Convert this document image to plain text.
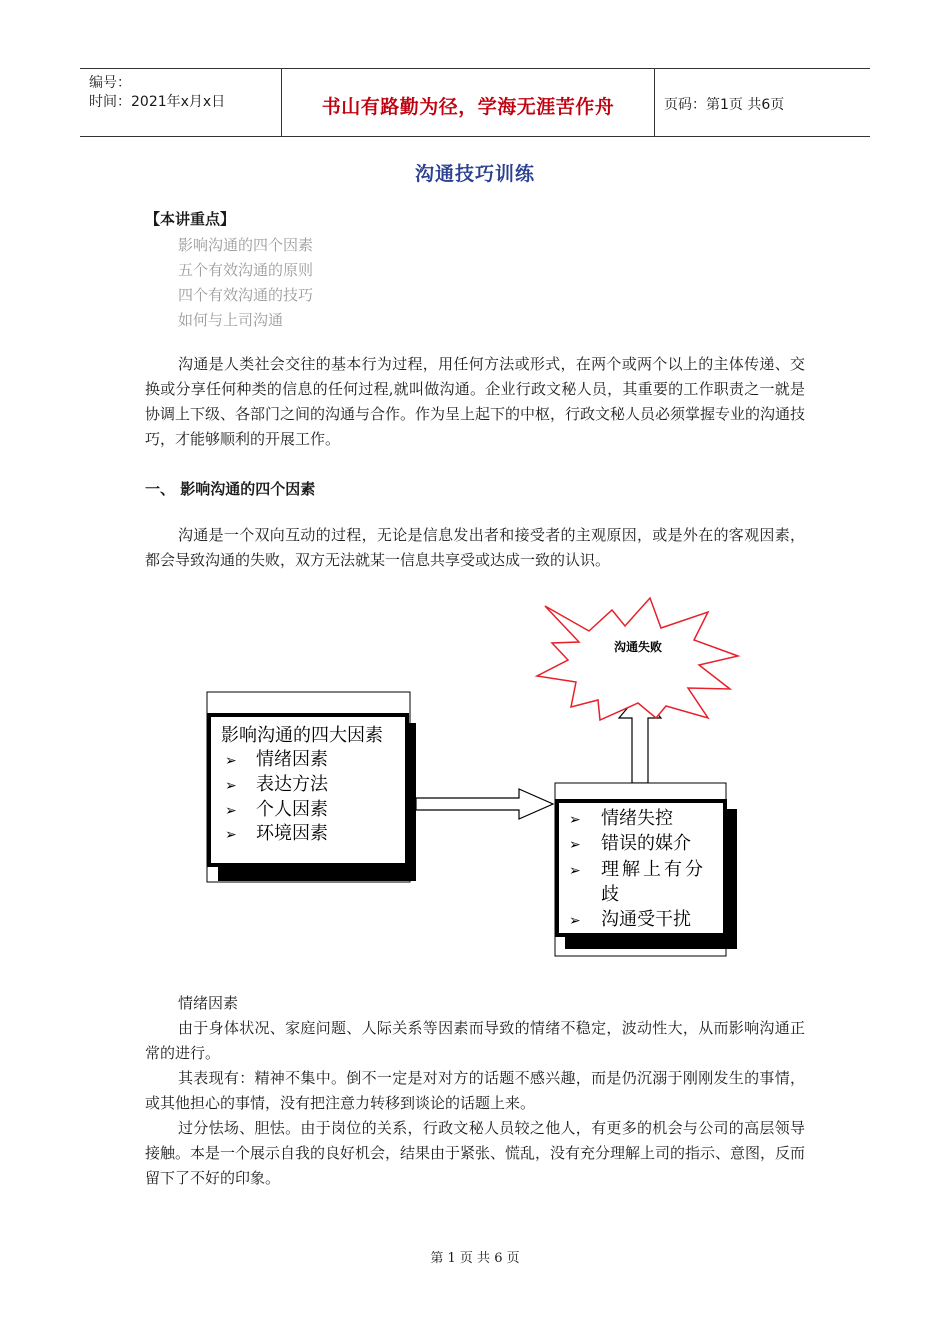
编号：
时间：2021年x月x日	书山有路勤为径，学海无涯苦作舟	页码：第1页 共6页
沟通技巧训练
【本讲重点】
影响沟通的四个因素
五个有效沟通的原则
四个有效沟通的技巧
如何与上司沟通

沟通是人类社会交往的基本行为过程，用任何方法或形式，在两个或两个以上的主体传递、交换或分享任何种类的信息的任何过程,就叫做沟通。企业行政文秘人员，其重要的工作职责之一就是协调上下级、各部门之间的沟通与合作。作为呈上起下的中枢，行政文秘人员必须掌握专业的沟通技巧，才能够顺利的开展工作。

一、 影响沟通的四个因素

沟通是一个双向互动的过程，无论是信息发出者和接受者的主观原因，或是外在的客观因素，都会导致沟通的失败，双方无法就某一信息共享受或达成一致的认识。

影响沟通的四大因素
➢ 情绪因素
➢ 表达方法
➢ 个人因素
➢ 环境因素
➢ 情绪失控
➢ 错误的媒介
➢ 理解上有分
歧
➢ 沟通受干扰
沟通失败
情绪因素

由于身体状况、家庭问题、人际关系等因素而导致的情绪不稳定，波动性大，从而影响沟通正常的进行。

其表现有：精神不集中。倒不一定是对对方的话题不感兴趣，而是仍沉溺于刚刚发生的事情，或其他担心的事情，没有把注意力转移到谈论的话题上来。

过分怯场、胆怯。由于岗位的关系，行政文秘人员较之他人，有更多的机会与公司的高层领导接触。本是一个展示自我的良好机会，结果由于紧张、慌乱，没有充分理解上司的指示、意图，反而留下了不好的印象。

第 1 页 共 6 页
